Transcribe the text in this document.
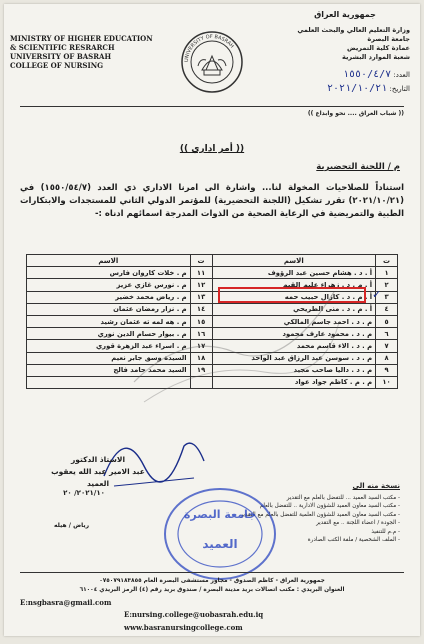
جمهورية العراق
وزارة التعليم العالي والبحث العلمي
جامعة البصرة
عمادة كلية التمريض
شعبة الموارد البشرية
MINISTRY OF HIGHER EDUCATION
& SCIENTIFIC RESRARCH
UNIVERSITY OF BASRAH
COLLEGE OF NURSING
UNIVERSITY OF BASRAH
العدد: ١٥٥٠/٤/٧
التاريخ: ٢٠٢١/١٠/٢١
(( شباب العراق .... نحو وابداع ))
(( أمر اداري ))
م / اللجنة التحضيرية
استناداً للصلاحيات المخولة لنا... واشارة الى امرنا الاداري ذي العدد (١٥٥٠/٥٤/٧) في (٢٠٢١/١٠/٢١) تقرر تشكيل (اللجنة التحضيرية) للمؤتمر الدولي الثاني للمستجدات والابتكارات الطبية والتمريضية في الرعاية الصحية من الذوات المدرجة اسمائهم ادناه :-
ت	الاسم	ت	الاسم
١	أ . د . هشام حسين عبد الرؤوف	١١	م . خلات كاروان فارس
٢	أ . م . د . زهراء عليم القيم	١٢	م . نورس غازي عزيز
٣	أ . م . د . كازال حبيب حمه	١٣	م . رياض محمد خضير
٤	أ . م . د . منى الطريحي	١٤	م . نزار رمضان عثمان
٥	م . د . احمد جاسم المالكي	١٥	م . هه لمه ته عثمان رشيد
٦	م . د . محمود عارف محمود	١٦	م . بيوار حسام الدين نوري
٧	م . د . الاء قاسم محمد	١٧	م . اسراء عبد الزهرة قوري
٨	م . د . سوسن عبد الرزاق عبد الواحد	١٨	السيدة وسق جابر نعيم
٩	م . د . داليا صاحب مجيد	١٩	السيد محمد حامد فالح
١٠	م . م . كاظم جواد عواد		
✓
الاستاذ الدكتور
عبد الامير عبد الله يعقوب
العميد
٢٠٢١/١٠/ ٢٠
رياض / هيله
نسخة منه الى
- مكتب السيد العميد ... للتفضل بالعلم مع التقدير
- مكتب السيد معاون العميد للشؤون الادارية .. للتفضل بالعلم
- مكتب السيد معاون العميد للشؤون العلمية للتفضل بالعلم مع التقدير
- الجودة / اعضاء اللجنة .. مع التقدير
- م.م للتنفيذ
- الملف الشخصية / ملفة الكتب الصادرة
جامعة البصرة
العميد
جمهورية العراق - كاظم الصدوق - مجاور مستشفى البصرة العام ٠٧٥٠٧٩١٨٣٨٥٥
العنوان البريدي : مكتب اتصالات بريد مدينة البصرة / صندوق بريد رقم (٤) الرمز البريدي ٦١٠٠٤
E:nsgbasra@gmail.com
E:nursing.college@uobasrah.edu.iq
www.basranursingcollege.com
